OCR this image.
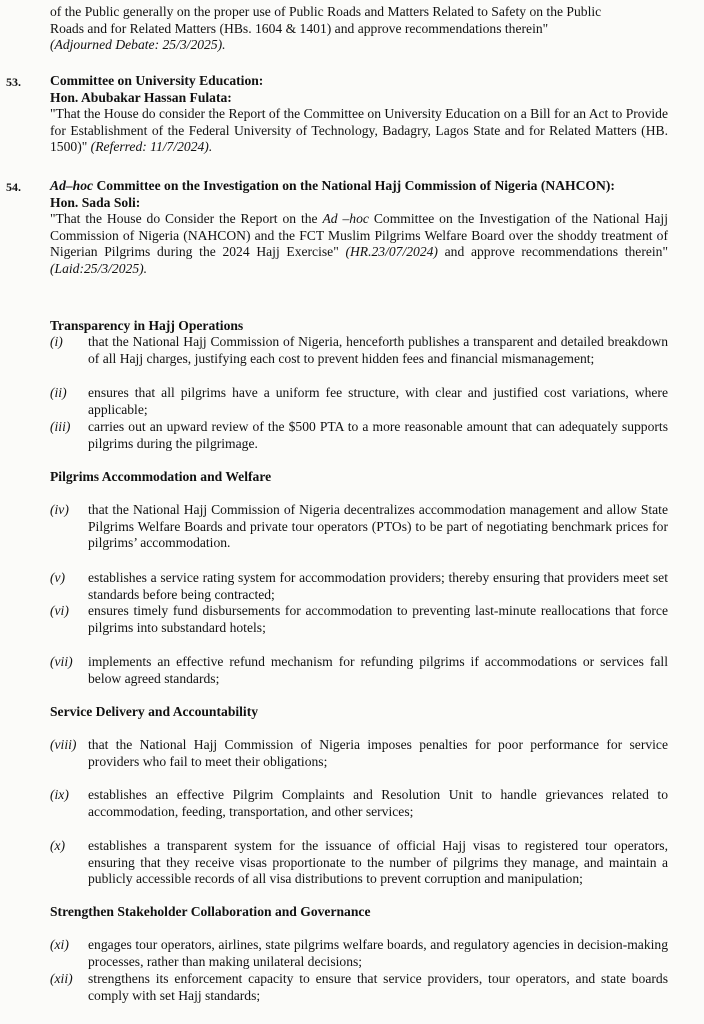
of the Public generally on the proper use of Public Roads and Matters Related to Safety on the Public
Roads and for Related Matters (HBs. 1604 & 1401) and approve recommendations therein"
(Adjourned Debate: 25/3/2025).
53. Committee on University Education:
Hon. Abubakar Hassan Fulata:
"That the House do consider the Report of the Committee on University Education on a Bill for an Act to Provide for Establishment of the Federal University of Technology, Badagry, Lagos State and for Related Matters (HB. 1500)" (Referred: 11/7/2024).
54. Ad–hoc Committee on the Investigation on the National Hajj Commission of Nigeria (NAHCON):
Hon. Sada Soli:
"That the House do Consider the Report on the Ad –hoc Committee on the Investigation of the National Hajj Commission of Nigeria (NAHCON) and the FCT Muslim Pilgrims Welfare Board over the shoddy treatment of Nigerian Pilgrims during the 2024 Hajj Exercise" (HR.23/07/2024) and approve recommendations therein" (Laid:25/3/2025).
Transparency in Hajj Operations
(i) that the National Hajj Commission of Nigeria, henceforth publishes a transparent and detailed breakdown of all Hajj charges, justifying each cost to prevent hidden fees and financial mismanagement;
(ii) ensures that all pilgrims have a uniform fee structure, with clear and justified cost variations, where applicable;
(iii) carries out an upward review of the $500 PTA to a more reasonable amount that can adequately supports pilgrims during the pilgrimage.
Pilgrims Accommodation and Welfare
(iv) that the National Hajj Commission of Nigeria decentralizes accommodation management and allow State Pilgrims Welfare Boards and private tour operators (PTOs) to be part of negotiating benchmark prices for pilgrims’ accommodation.
(v) establishes a service rating system for accommodation providers; thereby ensuring that providers meet set standards before being contracted;
(vi) ensures timely fund disbursements for accommodation to preventing last-minute reallocations that force pilgrims into substandard hotels;
(vii) implements an effective refund mechanism for refunding pilgrims if accommodations or services fall below agreed standards;
Service Delivery and Accountability
(viii) that the National Hajj Commission of Nigeria imposes penalties for poor performance for service providers who fail to meet their obligations;
(ix) establishes an effective Pilgrim Complaints and Resolution Unit to handle grievances related to accommodation, feeding, transportation, and other services;
(x) establishes a transparent system for the issuance of official Hajj visas to registered tour operators, ensuring that they receive visas proportionate to the number of pilgrims they manage, and maintain a publicly accessible records of all visa distributions to prevent corruption and manipulation;
Strengthen Stakeholder Collaboration and Governance
(xi) engages tour operators, airlines, state pilgrims welfare boards, and regulatory agencies in decision-making processes, rather than making unilateral decisions;
(xii) strengthens its enforcement capacity to ensure that service providers, tour operators, and state boards comply with set Hajj standards;
